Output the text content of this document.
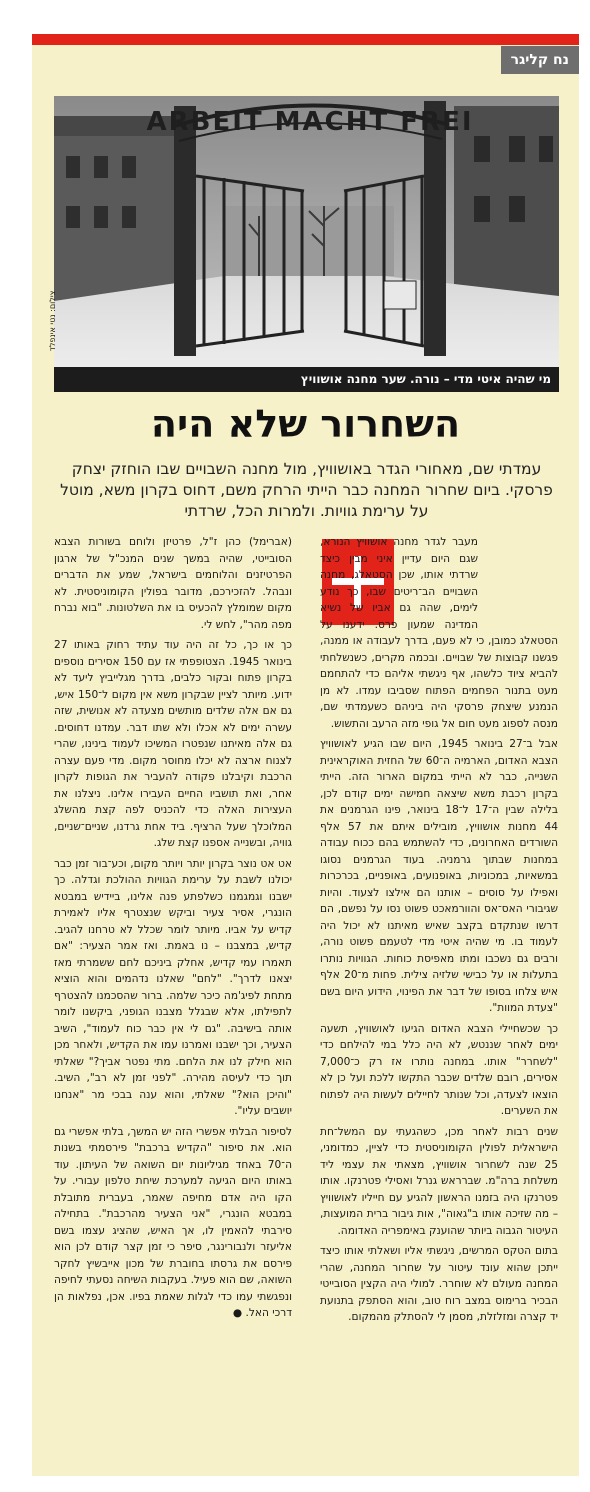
נח קליגר
ARBEIT MACHT FREI
צילום: נטי אינפלד
מי שהיה איטי מדי – נורה. שער מחנה אושוויץ
השחרור שלא היה
עמדתי שם, מאחורי הגדר באושוויץ, מול מחנה השבויים שבו הוחזק יצחק פרסקי. ביום שחרור המחנה כבר הייתי הרחק משם, דחוס בקרון משא, מוטל על ערימת גוויות. ולמרות הכל, שרדתי

מעבר לגדר מחנה אושוויץ הנורא, שגם היום עדיין איני מבין כיצד שרדתי אותו, שכן הסטאלג, מחנה השבויים הב־ריטים שבו, כך נודע לימים, שהה גם אביו של נשיא המדינה שמעון פרס. ידענו על הסטאלג כמובן, כי לא פעם, בדרך לעבודה או ממנה, פגשנו קבוצות של שבויים. ובכמה מקרים, כשנשלחתי להביא ציוד כלשהו, אף ניגשתי אליהם כדי להתחמם מעט בתנור הפחמים הפתוח שסביבו עמדו. לא מן הנמנע שיצחק פרסקי היה ביניהם כשעמדתי שם, מנסה לספוג מעט חום אל גופי מזה הרעב והתשוש.

אבל ב־27 בינואר 1945, היום שבו הגיע לאושוויץ הצבא האדום, הארמיה ה־60 של החזית האוקראינית השנייה, כבר לא הייתי במקום הארור הזה. הייתי בקרון רכבת משא שיצאה חמישה ימים קודם לכן, בלילה שבין ה־17 ל־18 בינואר, פינו הגרמנים את 44 מחנות אושוויץ, מובילים איתם את 57 אלף השורדים האחרונים, כדי להשתמש בהם ככוח עבודה במחנות שבתוך גרמניה. בעוד הגרמנים נסוגו במשאיות, במכוניות, באופנועים, באופניים, בכרכרות ואפילו על סוסים – אותנו הם אילצו לצעוד. והיות שגיבורי האס־אס והוורמאכט פשוט נסו על נפשם, הם דרשו שנתקדם בקצב שאיש מאיתנו לא יכול היה לעמוד בו. מי שהיה איטי מדי לטעמם פשוט נורה, ורבים גם נשכבו ומתו מאפיסת כוחות. הגוויות נותרו בתעלות או על כבישי שלזיה צילית. פחות מ־20 אלף איש צלחו בסופו של דבר את הפינוי, הידוע היום בשם "צעדת המוות".

כך שכשחיילי הצבא האדום הגיעו לאושוויץ, תשעה ימים לאחר שננטש, לא היה כלל במי להילחם כדי "לשחרר" אותו. במחנה נותרו אז רק כ־7,000 אסירים, רובם שלדים שכבר התקשו ללכת ועל כן לא הוצאו לצעדה, וכל שנותר לחיילים לעשות היה לפתוח את השערים.

שנים רבות לאחר מכן, כשהגעתי עם המשל־חת הישראלית לפולין הקומוניסטית כדי לציין, כמדומני, 25 שנה לשחרור אושוויץ, מצאתי את עצמי ליד משלחת ברה"מ. שברראש גנרל ואסילי פטרנקו. אותו פטרנקו היה בזמנו הראשון להגיע עם חייליו לאושוויץ – מה שזיכה אותו ב"גאוה", אות גיבור ברית המועצות, העיטור הגבוה ביותר שהוענק באימפריה האדומה.

בתום הטקס המרשים, ניגשתי אליו ושאלתי אותו כיצד ייתכן שהוא עונד עיטור על שחרור המחנה, שהרי המחנה מעולם לא שוחרר. למולי היה הקצין הסובייטי הבכיר ברימוס במצב רוח טוב, והוא הסתפק בתנועת יד קצרה ומזלזלת, מסמן לי להסתלק מהמקום.

(אברימל) כהן ז"ל, פרטיזן ולוחם בשורות הצבא הסובייטי, שהיה במשך שנים המנכ"ל של ארגון הפרטיזנים והלוחמים בישראל, שמע את הדברים ונבהל. להזכירכם, מדובר בפולין הקומוניסטית. לא מקום שמומלץ להכעיס בו את השלטונות. "בוא נברח מפה מהר", לחש לי.

כך או כך, כל זה היה עוד עתיד רחוק באותו 27 בינואר 1945. הצטופפתי אז עם 150 אסירים נוספים בקרון פתוח ובקור כלבים, בדרך מגלייביץ ליעד לא ידוע. מיותר לציין שבקרון משא אין מקום ל־150 איש, גם אם אלה שלדים מותשים מצעדה לא אנושית, שזה עשרה ימים לא אכלו ולא שתו דבר. עמדנו דחוסים. גם אלה מאיתנו שנפטרו המשיכו לעמוד בינינו, שהרי לצנוח ארצה לא יכלו מחוסר מקום. מדי פעם עצרה הרכבת וקיבלנו פקודה להעביר את הגופות לקרון אחר, ואת תושביו החיים העבירו אלינו. ניצלנו את העצירות האלה כדי להכניס לפה קצת מהשלג המלוכלך שעל הרציף. ביד אחת גרדנו, שניים־שניים, גוויה, ובשנייה אספנו קצת שלג.

אט אט נוצר בקרון יותר ויותר מקום, וכע־בור זמן כבר יכולנו לשבת על ערימת הגוויות ההולכת וגדלה. כך ישבנו וגמגמנו כשלפתע פנה אלינו, ביידיש במבטא הונגרי, אסיר צעיר וביקש שנצטרף אליו לאמירת קדיש על אביו. מיותר לומר שכלל לא טרחנו להגיב. קדיש, במצבנו – נו באמת. ואז אמר הצעיר: "אם תאמרו עמי קדיש, אחלק ביניכם לחם ששמרתי מאז יצאנו לדרך". "לחם" שאלנו נדהמים והוא הוציא מתחת לפיג'מה כיכר שלמה. ברור שהסכמנו להצטרף לתפילתו, אלא שבגלל מצבנו הגופני, ביקשנו לומר אותה בישיבה. "גם לי אין כבר כוח לעמוד", השיב הצעיר, וכך ישבנו ואמרנו עמו את הקדיש, ולאחר מכן הוא חילק לנו את הלחם. מתי נפטר אביך?" שאלתי תוך כדי לעיסה מהירה. "לפני זמן לא רב", השיב. "והיכן הוא?" שאלתי, והוא ענה בבכי מר "אנחנו יושבים עליו".

לסיפור הבלתי אפשרי הזה יש המשך, בלתי אפשרי גם הוא. את סיפור "הקדיש ברכבת" פירסמתי בשנות ה־70 באחד מגיליונות יום השואה של העיתון. עוד באותו היום הגיעה למערכת שיחת טלפון עבורי. על הקו היה אדם מחיפה שאמר, בעברית מתובלת במבטא הונגרי, "אני הצעיר מהרכבת". בתחילה סירבתי להאמין לו, אך האיש, שהציג עצמו בשם אליעזר ולנבורינגר, סיפר כי זמן קצר קודם לכן הוא פירסם את גרסתו בחוברת של מכון אייבשיץ לחקר השואה, שם הוא פעיל. בעקבות השיחה נסעתי לחיפה ונפגשתי עמו כדי לגלות שאמת בפיו. אכן, נפלאות הן דרכי האל. ●
